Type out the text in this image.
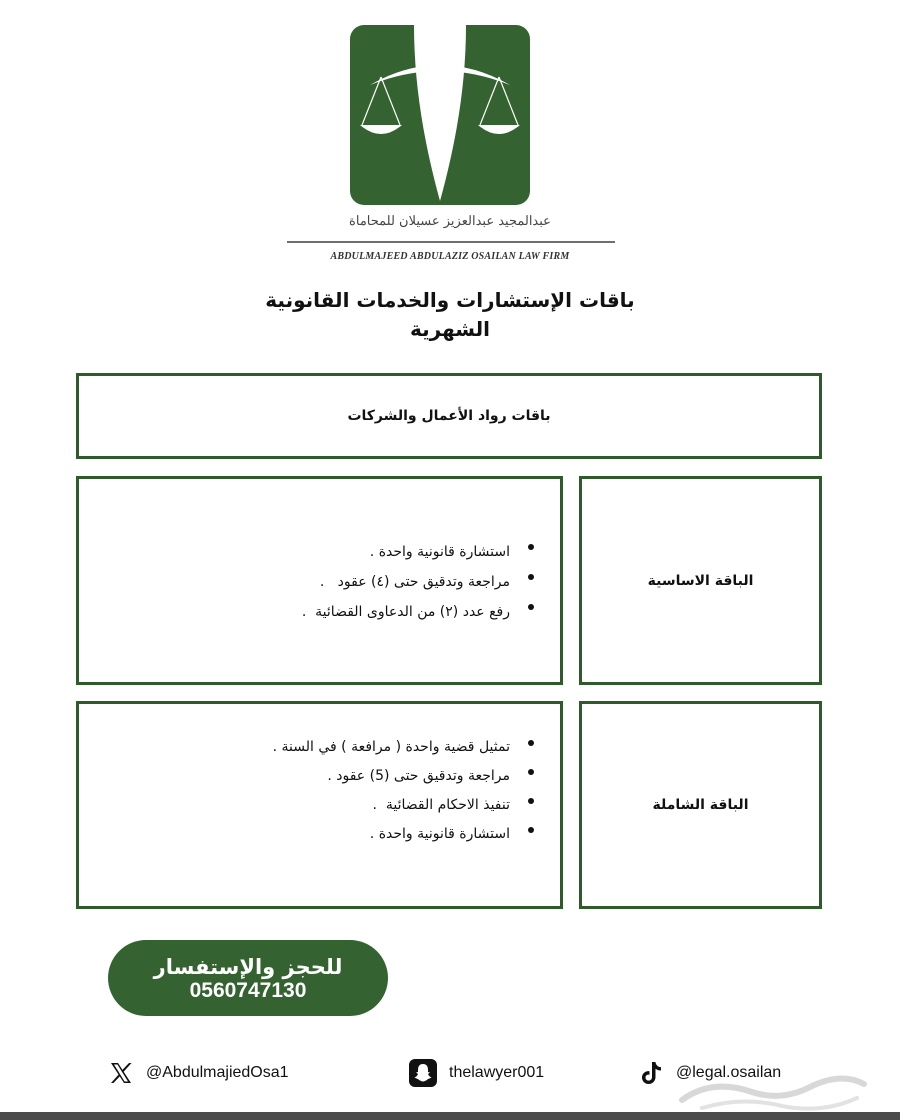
عبدالمجيد عبدالعزيز عسيلان للمحاماة
ABDULMAJEED ABDULAZIZ OSAILAN LAW FIRM
باقات الإستشارات والخدمات القانونية
الشهرية
باقات رواد الأعمال والشركات
الباقة الاساسية
استشارة قانونية واحدة .
مراجعة وتدقيق حتى (٤) عقود   .
رفع عدد (٢) من الدعاوى القضائية  .
الباقة الشاملة
تمثيل قضية واحدة ( مرافعة ) في السنة .
مراجعة وتدقيق حتى (5) عقود .
تنفيذ الاحكام القضائية  .
استشارة قانونية واحدة .
للحجز والإستفسار
0560747130
@AbdulmajiedOsa1	thelawyer001	@legal.osailan
